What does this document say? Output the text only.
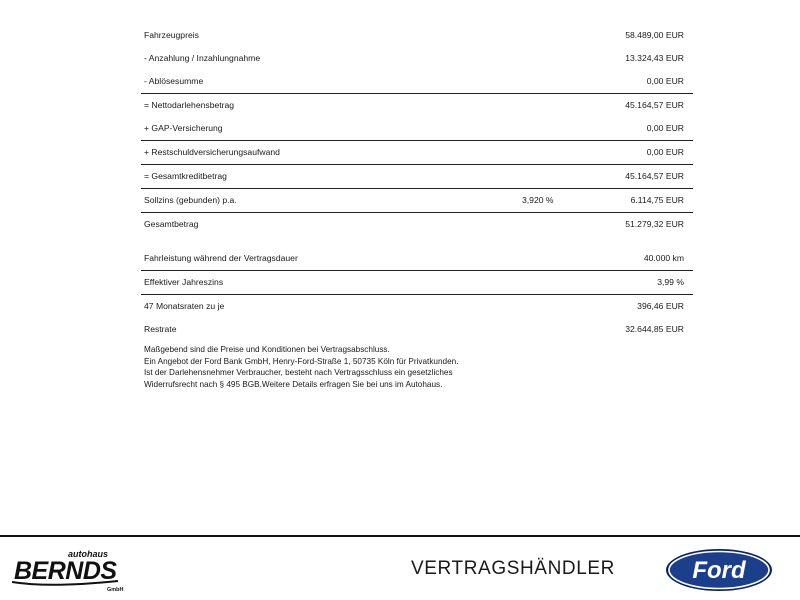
Fahrzeugpreis	58.489,00 EUR
- Anzahlung / Inzahlungnahme	13.324,43 EUR
- Ablösesumme	0,00 EUR
= Nettodarlehensbetrag	45.164,57 EUR
+ GAP-Versicherung	0,00 EUR
+ Restschuldversicherungsaufwand	0,00 EUR
= Gesamtkreditbetrag	45.164,57 EUR
Sollzins (gebunden) p.a.	3,920 %	6.114,75 EUR
Gesamtbetrag	51.279,32 EUR
Fahrleistung während der Vertragsdauer	40.000 km
Effektiver Jahreszins	3,99 %
47 Monatsraten zu je	396,46 EUR
Restrate	32.644,85 EUR
Maßgebend sind die Preise und Konditionen bei Vertragsabschluss.
Ein Angebot der Ford Bank GmbH, Henry-Ford-Straße 1, 50735 Köln für Privatkunden.
Ist der Darlehensnehmer Verbraucher, besteht nach Vertragsschluss ein gesetzliches
Widerrufsrecht nach § 495 BGB.Weitere Details erfragen Sie bei uns im Autohaus.
autohaus
BERNDS
GmbH
VERTRAGSHÄNDLER	Ford
